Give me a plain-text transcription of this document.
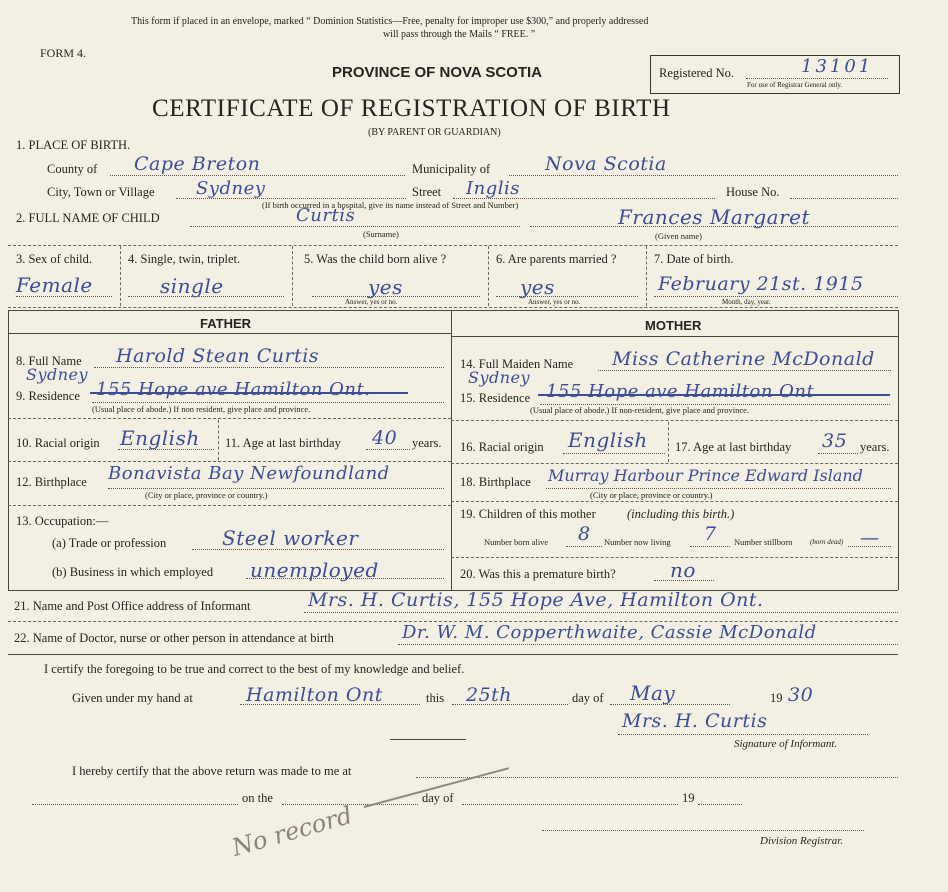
This form if placed in an envelope, marked “ Dominion Statistics—Free, penalty for improper use $300,” and properly addressed
will pass through the Mails “ FREE. ”
FORM 4.
PROVINCE OF NOVA SCOTIA	Registered No.	13101
For use of Registrar General only.
CERTIFICATE OF REGISTRATION OF BIRTH
(BY PARENT OR GUARDIAN)
1. PLACE OF BIRTH.
County of Cape Breton	Municipality of	Nova Scotia
City, Town or Village Sydney	Street Inglis	House No.
(If birth occurred in a hospital, give its name instead of Street and Number)
2. FULL NAME OF CHILD	Curtis
(Surname)
Frances Margaret
(Given name)
3. Sex of child.
Female
4. Single, twin, triplet.
single
5. Was the child born alive ?
yes
Answer, yes or no.
6. Are parents married ?
yes
Answer, yes or no.
7. Date of birth.
February 21st. 1915
Month, day, year.
FATHER	MOTHER
8. Full Name Harold Stean Curtis
Sydney
9. Residence 155 Hope ave Hamilton Ont.
(Usual place of abode.) If non resident, give place and province.
10. Racial origin English 11. Age at last birthday 40 years.
12. Birthplace Bonavista Bay Newfoundland
(City or place, province or country.)
13. Occupation:—
(a) Trade or profession	Steel worker
(b) Business in which employed unemployed
14. Full Maiden Name Miss Catherine McDonald
Sydney
15. Residence 155 Hope ave Hamilton Ont
(Usual place of abode.) If non-resident, give place and province.
16. Racial origin English 17. Age at last birthday 35 years.
18. Birthplace Murray Harbour Prince Edward Island
(City or place, province or country.)
19. Children of this mother	(including this birth.)
Number born alive 8 Number now living 7 Number stillborn	(born dead) —
20. Was this a premature birth?	no
21. Name and Post Office address of Informant	Mrs. H. Curtis, 155 Hope Ave, Hamilton Ont.
22. Name of Doctor, nurse or other person in attendance at birth	Dr. W. M. Copperthwaite, Cassie McDonald
I certify the foregoing to be true and correct to the best of my knowledge and belief.
Given under my hand at	Hamilton Ont	this 25th	day of May	19 30
Mrs. H. Curtis
Signature of Informant.
I hereby certify that the above return was made to me at
on the	day of	19
Division Registrar.
No record
